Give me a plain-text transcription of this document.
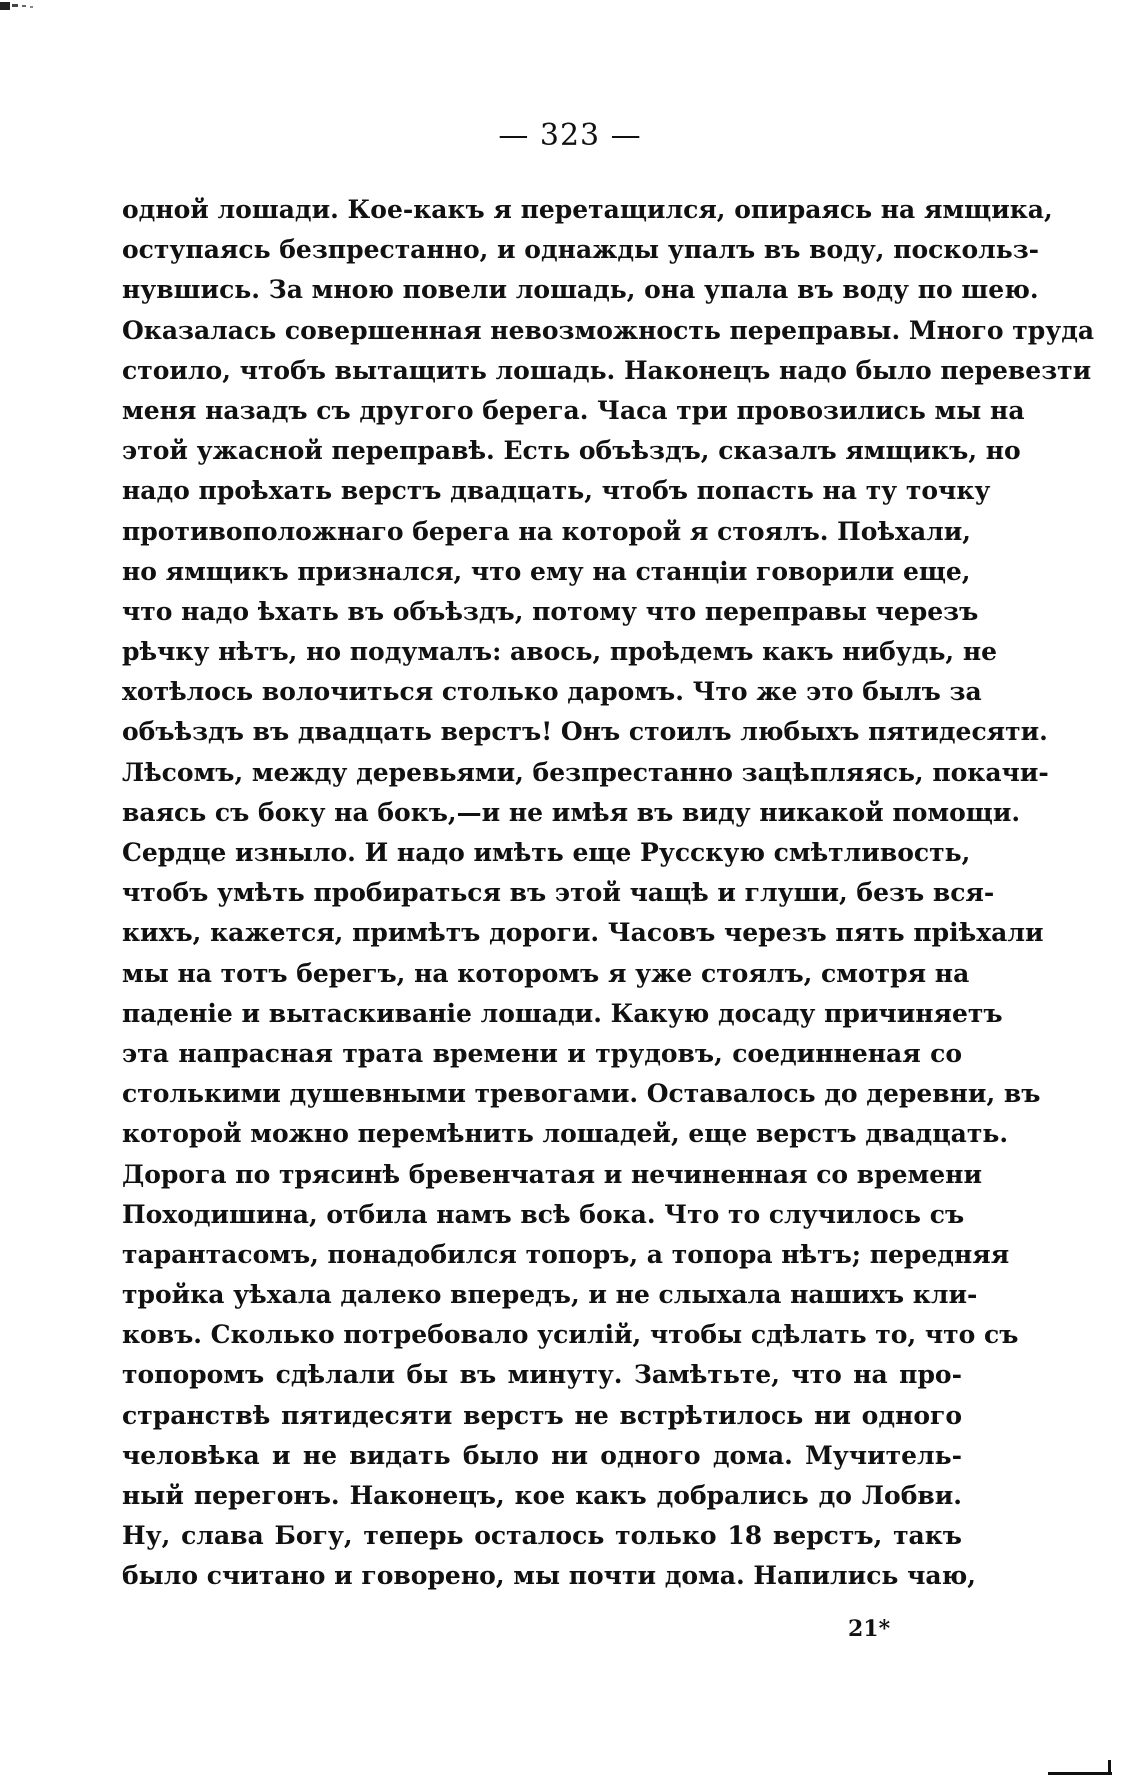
— 323 —
одной лошади. Кое-какъ я перетащился, опираясь на ямщика,
оступаясь безпрестанно, и однажды упалъ въ воду, поскольз-
нувшись. За мною повели лошадь, она упала въ воду по шею.
Оказалась совершенная невозможность переправы. Много труда
стоило, чтобъ вытащить лошадь. Наконецъ надо было перевезти
меня назадъ съ другого берега. Часа три провозились мы на
этой ужасной переправѣ. Есть объѣздъ, сказалъ ямщикъ, но
надо проѣхать верстъ двадцать, чтобъ попасть на ту точку
противоположнаго берега на которой я стоялъ. Поѣхали,
но ямщикъ признался, что ему на станціи говорили еще,
что надо ѣхать въ объѣздъ, потому что переправы черезъ
рѣчку нѣтъ, но подумалъ: авось, проѣдемъ какъ нибудь, не
хотѣлось волочиться столько даромъ. Что же это былъ за
объѣздъ въ двадцать верстъ! Онъ стоилъ любыхъ пятидесяти.
Лѣсомъ, между деревьями, безпрестанно зацѣпляясь, покачи-
ваясь съ боку на бокъ,—и не имѣя въ виду никакой помощи.
Сердце изныло. И надо имѣть еще Русскую смѣтливость,
чтобъ умѣть пробираться въ этой чащѣ и глуши, безъ вся-
кихъ, кажется, примѣтъ дороги. Часовъ черезъ пять пріѣхали
мы на тотъ берегъ, на которомъ я уже стоялъ, смотря на
паденіе и вытаскиваніе лошади. Какую досаду причиняетъ
эта напрасная трата времени и трудовъ, соединненая со
столькими душевными тревогами. Оставалось до деревни, въ
которой можно перемѣнить лошадей, еще верстъ двадцать.
Дорога по трясинѣ бревенчатая и нечиненная со времени
Походишина, отбила намъ всѣ бока. Что то случилось съ
тарантасомъ, понадобился топоръ, а топора нѣтъ; передняя
тройка уѣхала далеко впередъ, и не слыхала нашихъ кли-
ковъ. Сколько потребовало усилій, чтобы сдѣлать то, что съ
топоромъ сдѣлали бы въ минуту. Замѣтьте, что на про-
странствѣ пятидесяти верстъ не встрѣтилось ни одного
человѣка и не видать было ни одного дома. Мучитель-
ный перегонъ. Наконецъ, кое какъ добрались до Лобви.
Ну, слава Богу, теперь осталось только 18 верстъ, такъ
было считано и говорено, мы почти дома. Напились чаю,
21*
